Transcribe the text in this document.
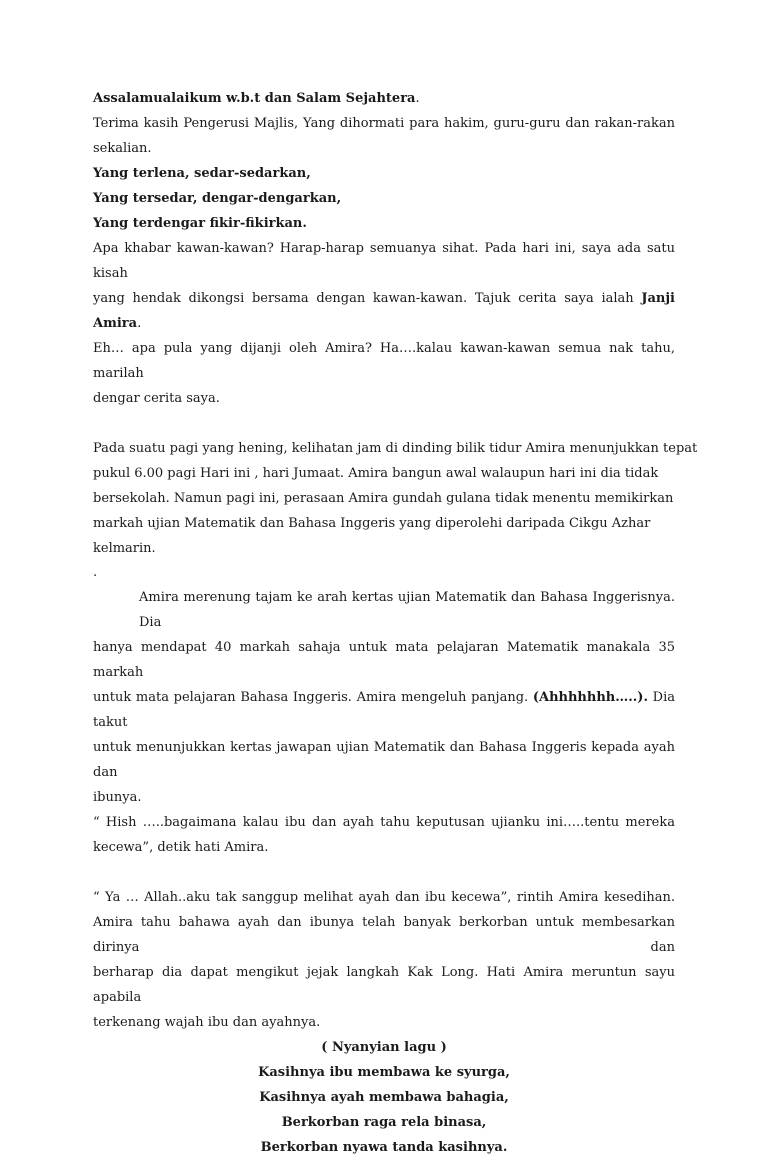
Assalamualaikum w.b.t dan Salam Sejahtera.

Terima kasih Pengerusi Majlis, Yang dihormati para hakim, guru-guru dan rakan-rakan

sekalian.

Yang terlena, sedar-sedarkan,

Yang tersedar, dengar-dengarkan,

Yang terdengar fikir-fikirkan.

Apa khabar kawan-kawan? Harap-harap semuanya sihat. Pada hari ini, saya ada satu kisah

yang hendak dikongsi bersama dengan kawan-kawan. Tajuk cerita saya ialah Janji Amira.

Eh… apa pula yang dijanji oleh Amira? Ha….kalau kawan-kawan semua nak tahu, marilah

dengar cerita saya.

Pada suatu pagi yang hening, kelihatan jam di dinding bilik tidur Amira menunjukkan tepat

pukul 6.00 pagi Hari ini , hari Jumaat. Amira bangun awal walaupun hari ini dia tidak

bersekolah. Namun pagi ini, perasaan Amira gundah gulana tidak menentu memikirkan

markah ujian Matematik dan Bahasa Inggeris yang diperolehi daripada Cikgu Azhar

kelmarin.

.

Amira merenung tajam ke arah kertas ujian Matematik dan Bahasa Inggerisnya. Dia

hanya mendapat 40 markah sahaja untuk mata pelajaran Matematik manakala 35 markah

untuk mata pelajaran Bahasa Inggeris. Amira mengeluh panjang. (Ahhhhhhh…..). Dia takut

untuk menunjukkan kertas jawapan ujian Matematik dan Bahasa Inggeris kepada ayah dan

ibunya.

“ Hish …..bagaimana kalau ibu dan ayah tahu keputusan ujianku ini…..tentu mereka

kecewa”, detik hati Amira.

“ Ya … Allah..aku tak sanggup melihat ayah dan ibu kecewa”, rintih Amira kesedihan.

Amira tahu bahawa ayah dan ibunya telah banyak berkorban untuk membesarkan dirinya dan

berharap dia dapat mengikut jejak langkah Kak Long. Hati Amira meruntun sayu apabila

terkenang wajah ibu dan ayahnya.

( Nyanyian lagu )

Kasihnya ibu membawa ke syurga,

Kasihnya ayah membawa bahagia,

Berkorban raga rela binasa,

Berkorban nyawa tanda kasihnya.
